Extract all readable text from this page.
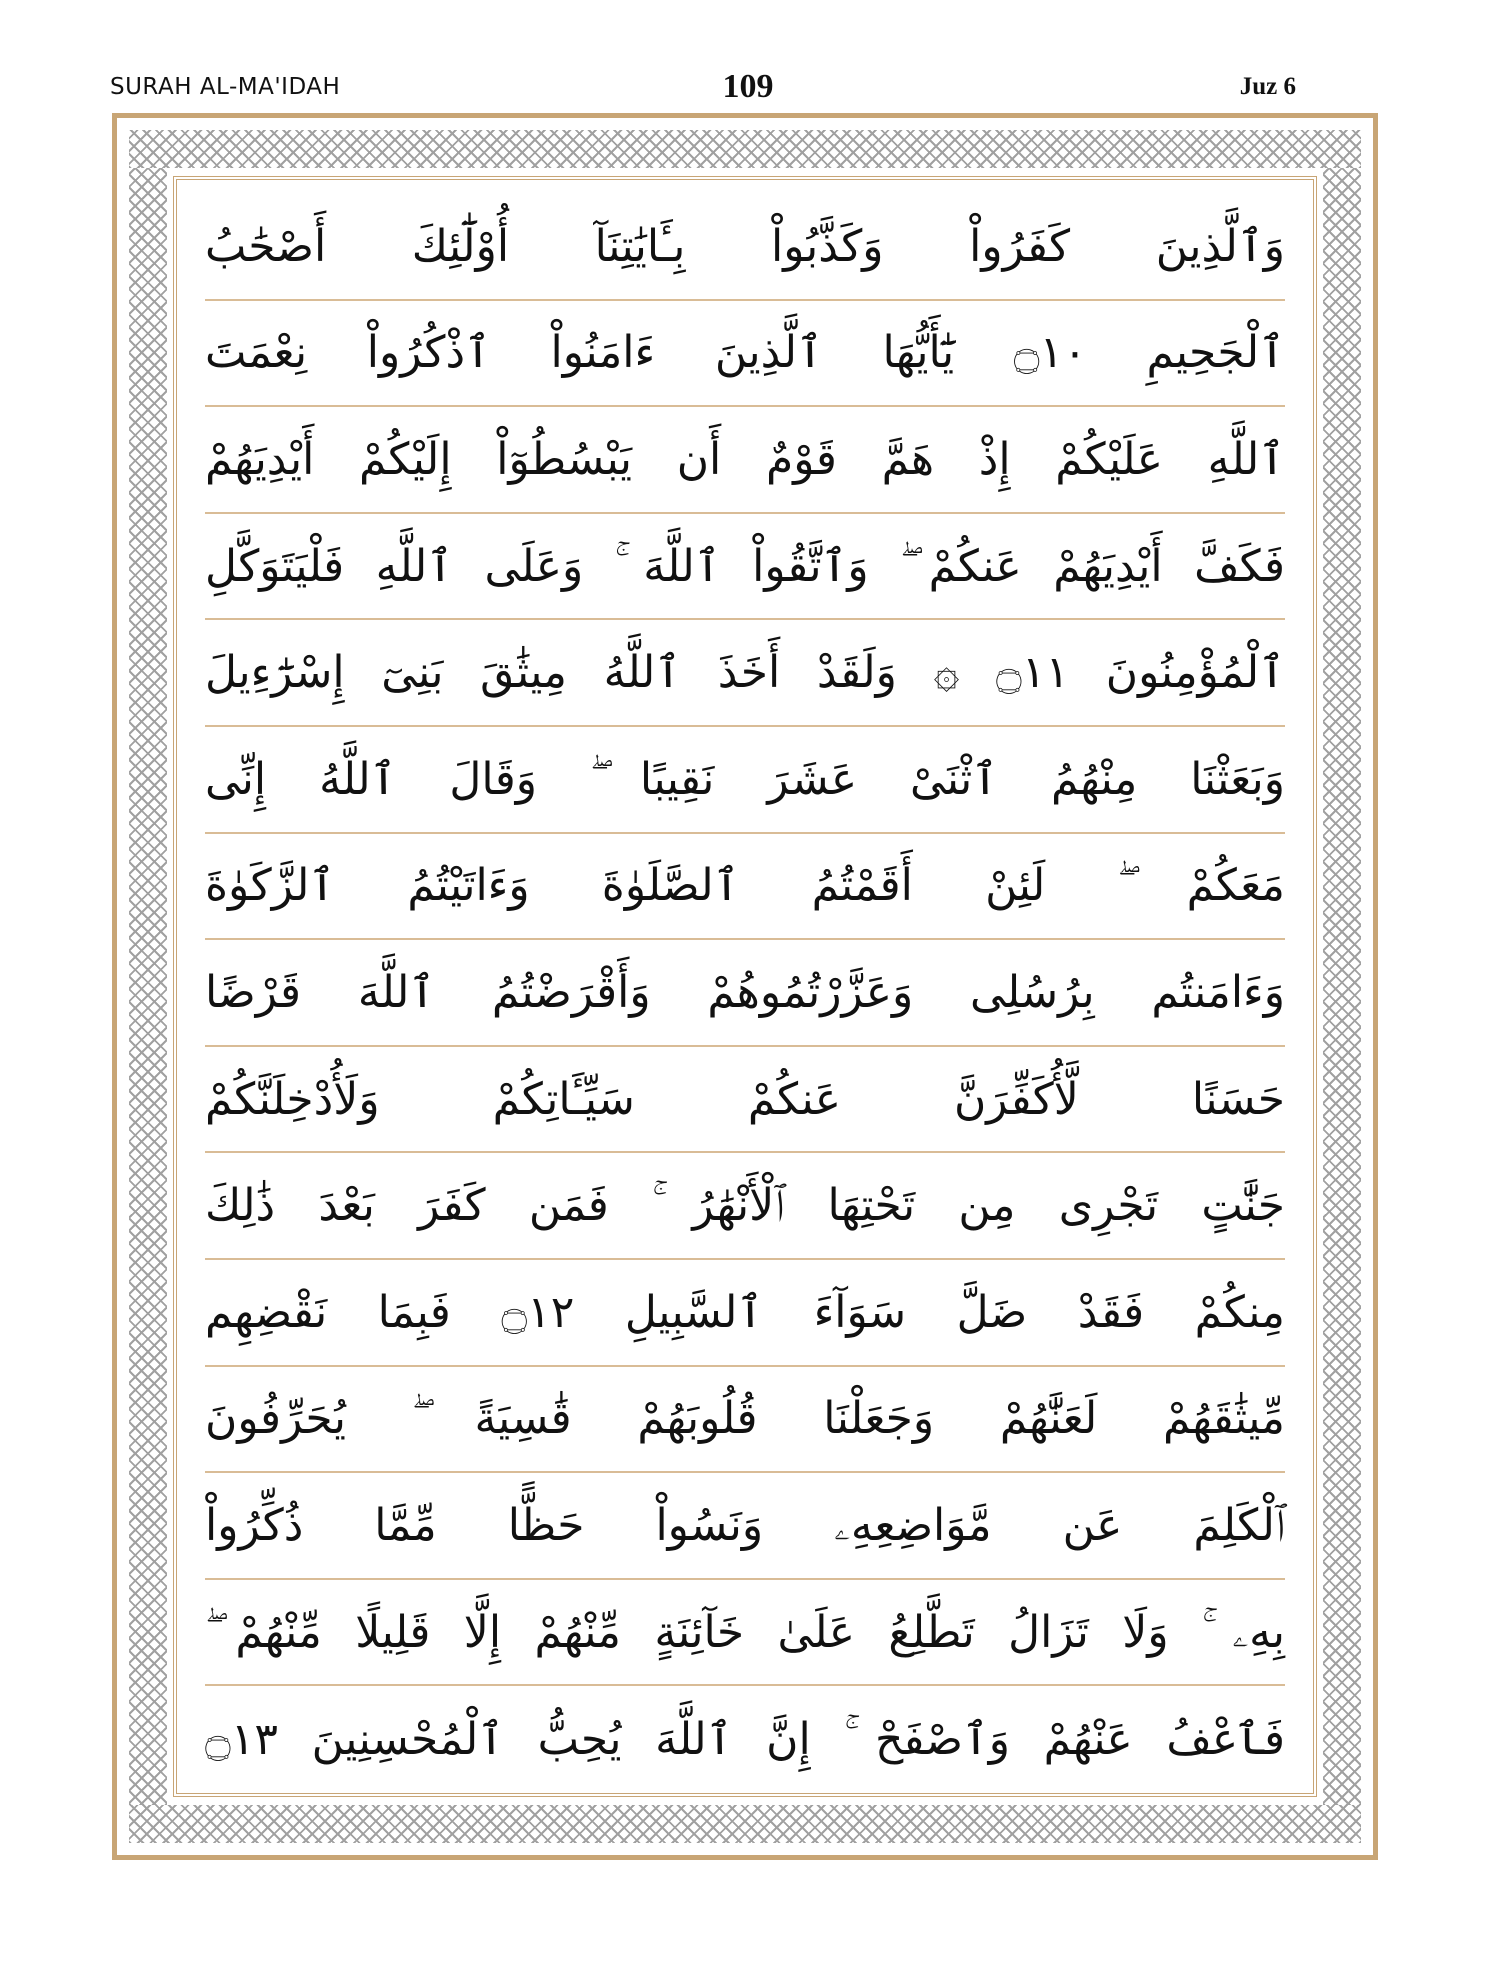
SURAH AL-MA'IDAH	109	Juz 6
وَٱلَّذِينَ كَفَرُواْ وَكَذَّبُواْ بِـَٔايَٰتِنَآ أُوْلَٰٓئِكَ أَصْحَٰبُ
ٱلْجَحِيمِ ۝١٠ يَٰٓأَيُّهَا ٱلَّذِينَ ءَامَنُواْ ٱذْكُرُواْ نِعْمَتَ
ٱللَّهِ عَلَيْكُمْ إِذْ هَمَّ قَوْمٌ أَن يَبْسُطُوٓاْ إِلَيْكُمْ أَيْدِيَهُمْ
فَكَفَّ أَيْدِيَهُمْ عَنكُمْ ۖ وَٱتَّقُواْ ٱللَّهَ ۚ وَعَلَى ٱللَّهِ فَلْيَتَوَكَّلِ
ٱلْمُؤْمِنُونَ ۝١١ ۞ وَلَقَدْ أَخَذَ ٱللَّهُ مِيثَٰقَ بَنِىٓ إِسْرَٰٓءِيلَ
وَبَعَثْنَا مِنْهُمُ ٱثْنَىْ عَشَرَ نَقِيبًا ۖ وَقَالَ ٱللَّهُ إِنِّى
مَعَكُمْ ۖ لَئِنْ أَقَمْتُمُ ٱلصَّلَوٰةَ وَءَاتَيْتُمُ ٱلزَّكَوٰةَ
وَءَامَنتُم بِرُسُلِى وَعَزَّرْتُمُوهُمْ وَأَقْرَضْتُمُ ٱللَّهَ قَرْضًا
حَسَنًا لَّأُكَفِّرَنَّ عَنكُمْ سَيِّـَٔاتِكُمْ وَلَأُدْخِلَنَّكُمْ
جَنَّٰتٍ تَجْرِى مِن تَحْتِهَا ٱلْأَنْهَٰرُ ۚ فَمَن كَفَرَ بَعْدَ ذَٰلِكَ
مِنكُمْ فَقَدْ ضَلَّ سَوَآءَ ٱلسَّبِيلِ ۝١٢ فَبِمَا نَقْضِهِم
مِّيثَٰقَهُمْ لَعَنَّٰهُمْ وَجَعَلْنَا قُلُوبَهُمْ قَٰسِيَةً ۖ يُحَرِّفُونَ
ٱلْكَلِمَ عَن مَّوَاضِعِهِۦ وَنَسُواْ حَظًّا مِّمَّا ذُكِّرُواْ
بِهِۦ ۚ وَلَا تَزَالُ تَطَّلِعُ عَلَىٰ خَآئِنَةٍ مِّنْهُمْ إِلَّا قَلِيلًا مِّنْهُمْ ۖ
فَٱعْفُ عَنْهُمْ وَٱصْفَحْ ۚ إِنَّ ٱللَّهَ يُحِبُّ ٱلْمُحْسِنِينَ ۝١٣
